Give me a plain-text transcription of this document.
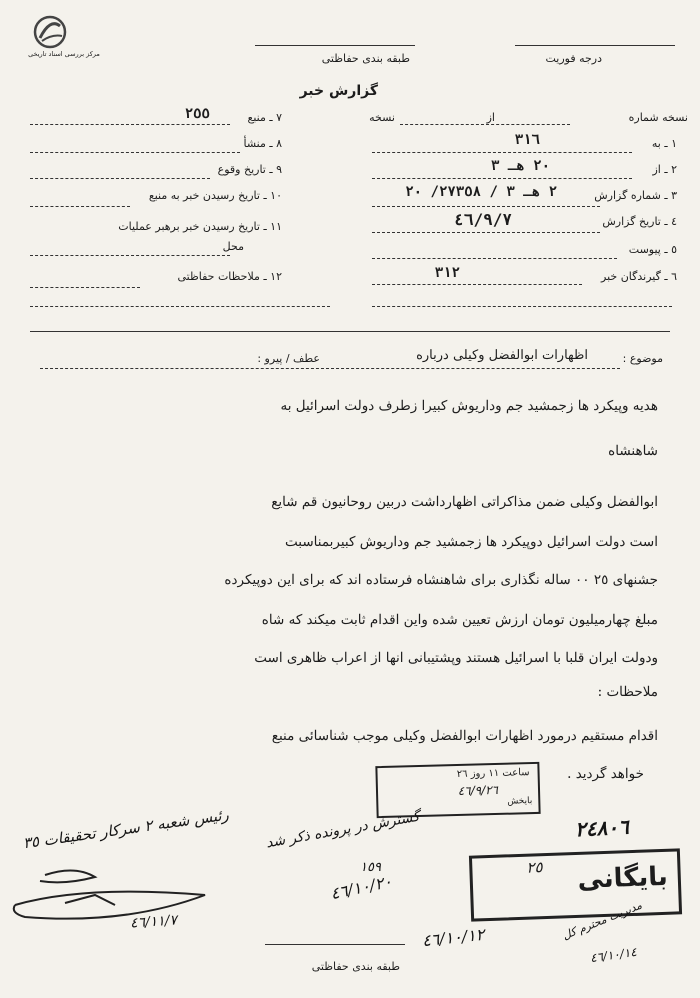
مرکز بررسی اسناد تاریخی	درجه فوریت
طبقه بندی حفاظتی
گزارش خبر
نسخه شماره
از
نسخه
١ ـ به
٣١٦
٢ ـ از
٢٠ هـ ٣
٣ ـ شماره گزارش
٢ هـ ٣ / ٢٧٣٥٨/ ٢٠
٤ ـ تاریخ گزارش
٤٦/٩/٧
٥ ـ پیوست
٦ ـ گیرندگان خبر
٣١٢
٧ ـ منبع
٢٥٥
٨ ـ منشأ
٩ ـ تاریخ وقوع
١٠ ـ تاریخ رسیدن خبر به منبع
١١ ـ تاریخ رسیدن خبر برهبر عملیات
محل
١٢ ـ ملاحظات حفاظتی
موضوع :
اظهارات ابوالفضل وکیلی درباره
عطف / پیرو :
هدیه وپیکرد ها زجمشید جم وداریوش کبیرا زطرف دولت اسرائیل به
شاهنشاه
ابوالفضل وکیلی ضمن مذاکراتی اظهارداشت دربین روحانیون قم شایع
است دولت اسرائیل دوپیکرد ها زجمشید جم وداریوش کبیربمناسبت
جشنهای ٢٥ ٠٠ ساله نگذاری برای شاهنشاه فرستاده اند که برای این دوپیکرده
مبلغ چهارمیلیون تومان ارزش تعیین شده واین اقدام ثابت میکند که شاه
ودولت ایران قلبا با اسرائیل هستند وپشتیبانی انها از اعراب ظاهری است
ملاحظات :
اقدام مستقیم درمورد اظهارات ابوالفضل وکیلی موجب شناسائی منبع
خواهد گردید .
ساعت ١١ روز ٢٦
٤٦/٩/٢٦
بایخش
بایگانی
٢٥
رئیس شعبه ۲ سرکار تحقیقات ٣٥
٤٦/١١/٧
گسترش در پرونده ذکر شد
١٥٩
٤٦/١٠/٢٠
٢٤٨٠٦
٤٦/١٠/١٢	مدیریت محترم کل
٤٦/١٠/١٤
طبقه بندی حفاظتی
